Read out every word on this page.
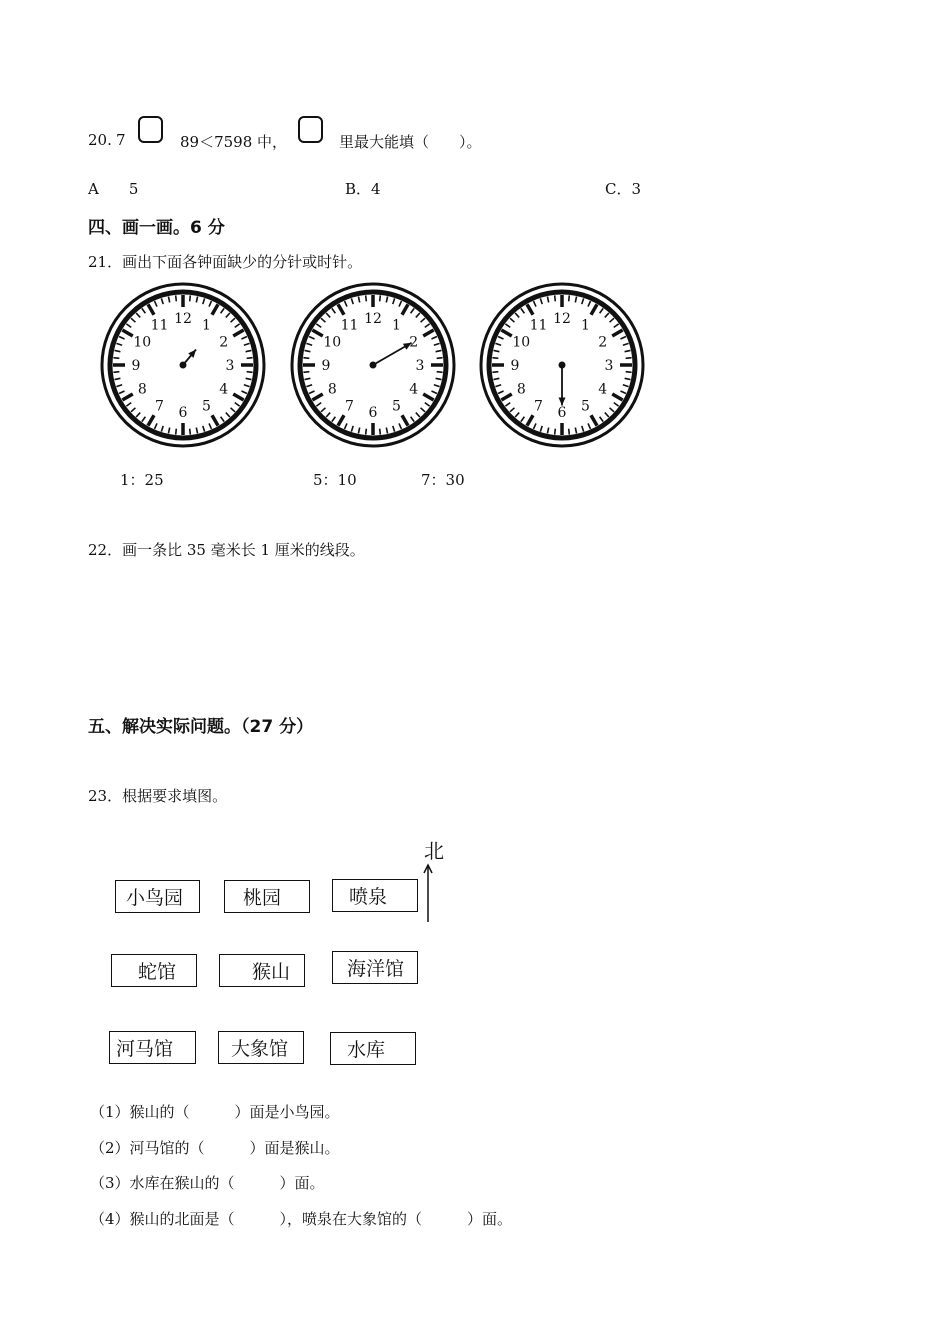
20. 7	89＜7598 中，	里最大能填（　　）。
A　　5	B．4	C．3
四、画一画。6 分
21．画出下面各钟面缺少的分针或时针。
12 1
2
3
4
5
6
7
8
9
10
11	12 1
2
3
4
5
6
7
8
9
10
11	12 1
2
3
4
5
6
7
8
9
10
11
1：25	5：10	7：30
22．画一条比 35 毫米长 1 厘米的线段。
五、解决实际问题。（27 分）
23．根据要求填图。
北
小鸟园	桃园	喷泉
蛇馆	猴山	海洋馆
河马馆	大象馆	水库
（1）猴山的（　　　）面是小鸟园。
（2）河马馆的（　　　）面是猴山。
（3）水库在猴山的（　　　）面。
（4）猴山的北面是（　　　），喷泉在大象馆的（　　　）面。
